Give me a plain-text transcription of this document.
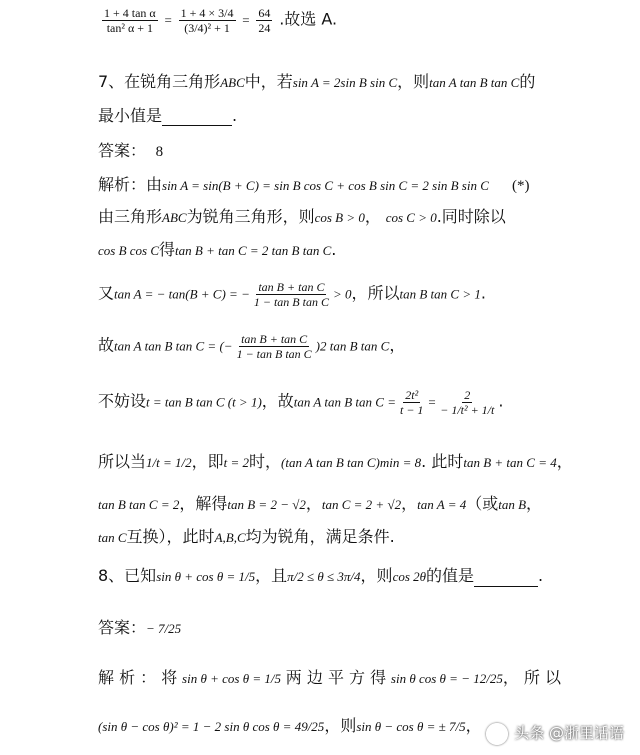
$\frac{\text{1 + 4 tan α}}{\text{tan² α + 1}} = \frac{1 + 4 \times 3/4}{\text{(3/4)² + 1}} = \frac{64}{24}$ .故选 A.
7、在锐角三角形ABC中，若sin A = 2sin B sin C，则tan A tan B tan C的
最小值是	.
答案： 8
解析：由sin A = sin(B + C) = sin B cos C + cos B sin C = 2 sin B sin C (*)
由三角形ABC为锐角三角形，则cos B > 0， cos C > 0.同时除以
cos B cos C得tan B + tan C = 2 tan B tan C.
又tan A = − tan(B + C) = − $\frac{\text{tan B + tan C}}{\text{1 − tan B tan C}} > 0$，所以tan B tan C > 1.
故tan A tan B tan C = (− $\frac{\text{tan B + tan C}}{\text{1 − tan B tan C}} )2$ tan B tan C，
不妨设t = tan B tan C (t > 1)，故tan A tan B $\tan C = \frac{\text{2t²}}{t - 1} = \frac{2}{\text{− 1/t² + 1/t}}$ .
所以当1/t = 1/2，即t = 2时，(tan A tan B tan C)min = 8. 此时tan B + tan C = 4，
tan B tan C = 2，解得tan B = 2 − √2，tan C = 2 + √2，tan A = 4（或tan B，
tan C互换），此时A,B,C均为锐角，满足条件.
8、已知sin θ + cos θ = 1/5，且π/2 ≤ θ ≤ 3π/4，则cos 2θ的值是	.
答案：− 7/25
解 析 ： 将 sin θ + cos θ = 1/5 两 边 平 方 得 sin θ cos θ = − 12/25， 所 以
(sin θ − cos θ)² = 1 − 2 sin θ cos θ = 49/25，则sin θ − cos θ = ± 7/5，	头条 @浙里话语
